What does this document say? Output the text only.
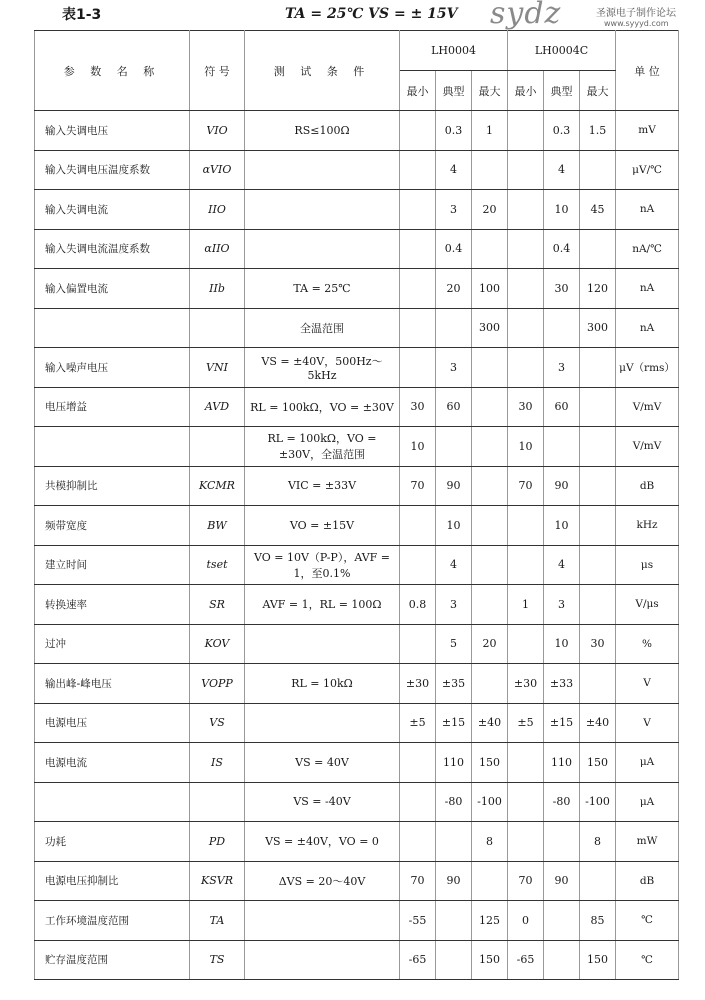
表1-3	TA = 25℃ VS = ± 15V sydz	圣源电子制作论坛
www.syyyd.com
参 数 名 称	符 号	测 试 条 件	LH0004			LH0004C			单 位
			最小	典型	最大	最小	典型	最大	
输入失调电压	VIO	RS≤100Ω		0.3	1		0.3	1.5	mV
输入失调电压温度系数	αVIO			4			4		μV/℃
输入失调电流	IIO			3	20		10	45	nA
输入失调电流温度系数	αIIO			0.4			0.4		nA/℃
输入偏置电流	IIb	TA = 25℃		20	100		30	120	nA
		全温范围			300			300	nA
输入噪声电压	VNI	VS = ±40V，500Hz～5kHz		3			3		μV（rms）
电压增益	AVD	RL = 100kΩ，VO = ±30V	30	60		30	60		V/mV
		RL = 100kΩ，VO = ±30V，全温范围	10			10			V/mV
共模抑制比	KCMR	VIC = ±33V	70	90		70	90		dB
频带宽度	BW	VO = ±15V		10			10		kHz
建立时间	tset	VO = 10V（P-P），AVF = 1，至0.1%		4			4		μs
转换速率	SR	AVF = 1，RL = 100Ω	0.8	3		1	3		V/μs
过冲	KOV			5	20		10	30	%
输出峰-峰电压	VOPP	RL = 10kΩ	±30	±35		±30	±33		V
电源电压	VS		±5	±15	±40	±5	±15	±40	V
电源电流	IS	VS = 40V		110	150		110	150	μA
		VS = -40V		-80	-100		-80	-100	μA
功耗	PD	VS = ±40V，VO = 0			8			8	mW
电源电压抑制比	KSVR	ΔVS = 20～40V	70	90		70	90		dB
工作环境温度范围	TA		-55		125	0		85	℃
贮存温度范围	TS		-65		150	-65		150	℃
